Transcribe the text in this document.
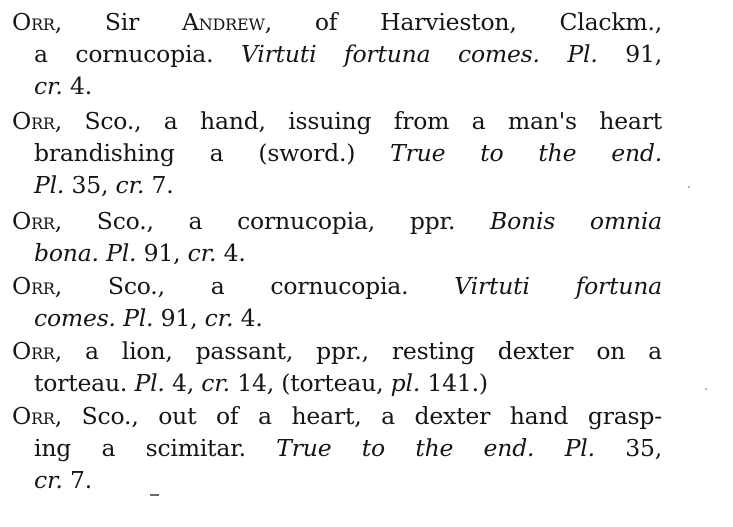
Orr, Sir Andrew, of Harvieston, Clackm.,
a cornucopia. Virtuti fortuna comes. Pl. 91,
cr. 4.
Orr, Sco., a hand, issuing from a man's heart
brandishing a (sword.) True to the end.
Pl. 35, cr. 7.
Orr, Sco., a cornucopia, ppr. Bonis omnia
bona. Pl. 91, cr. 4.
Orr, Sco., a cornucopia. Virtuti fortuna
comes. Pl. 91, cr. 4.
Orr, a lion, passant, ppr., resting dexter on a
torteau. Pl. 4, cr. 14, (torteau, pl. 141.)
Orr, Sco., out of a heart, a dexter hand grasp-
ing a scimitar. True to the end. Pl. 35,
cr. 7.
